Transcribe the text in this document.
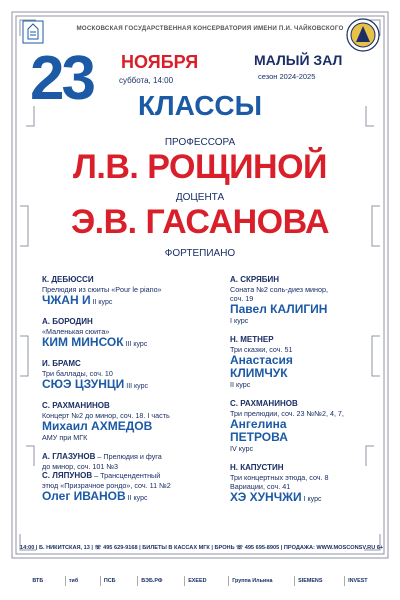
МОСКОВСКАЯ ГОСУДАРСТВЕННАЯ КОНСЕРВАТОРИЯ ИМЕНИ П.И. ЧАЙКОВСКОГО
23 НОЯБРЯ
суббота, 14:00
МАЛЫЙ ЗАЛ
сезон 2024-2025
КЛАССЫ
ПРОФЕССОРА
Л.В. РОЩИНОЙ
ДОЦЕНТА
Э.В. ГАСАНОВА
ФОРТЕПИАНО
К. ДЕБЮССИ
Прелюдия из сюиты «Pour le piano»
ЧЖАН И II курс
А. БОРОДИН
«Маленькая сюита»
КИМ МИНСОК III курс
И. БРАМС
Три баллады, соч. 10
СЮЭ ЦЗУНЦИ III курс
С. РАХМАНИНОВ
Концерт №2 до минор, соч. 18. I часть
Михаил АХМЕДОВ
АМУ при МГК
А. ГЛАЗУНОВ – Прелюдия и фуга
до минор, соч. 101 №3
С. ЛЯПУНОВ – Трансцендентный
этюд «Призрачное рондо», соч. 11 №2
Олег ИВАНОВ II курс
А. СКРЯБИН
Соната №2 соль-диез минор,
соч. 19
Павел КАЛИГИН
I курс
Н. МЕТНЕР
Три сказки, соч. 51
Анастасия
КЛИМЧУК
II курс
С. РАХМАНИНОВ
Три прелюдии, соч. 23 №№2, 4, 7,
Ангелина
ПЕТРОВА
IV курс
Н. КАПУСТИН
Три концертных этюда, соч. 8
Вариации, соч. 41
ХЭ ХУНЧЖИ I курс
14:00 | Б. НИКИТСКАЯ, 13 | ☏ 495 629-9168 | БИЛЕТЫ В КАССАХ МГК | БРОНЬ ☏ 495 695-8905 | ПРОДАЖА: WWW.MOSCONSV.RU 6+
ВТБ	тиб	ПСБ	ВЭБ.РФ	EXEED	Группа Ильина	SIEMENS	INVEST
